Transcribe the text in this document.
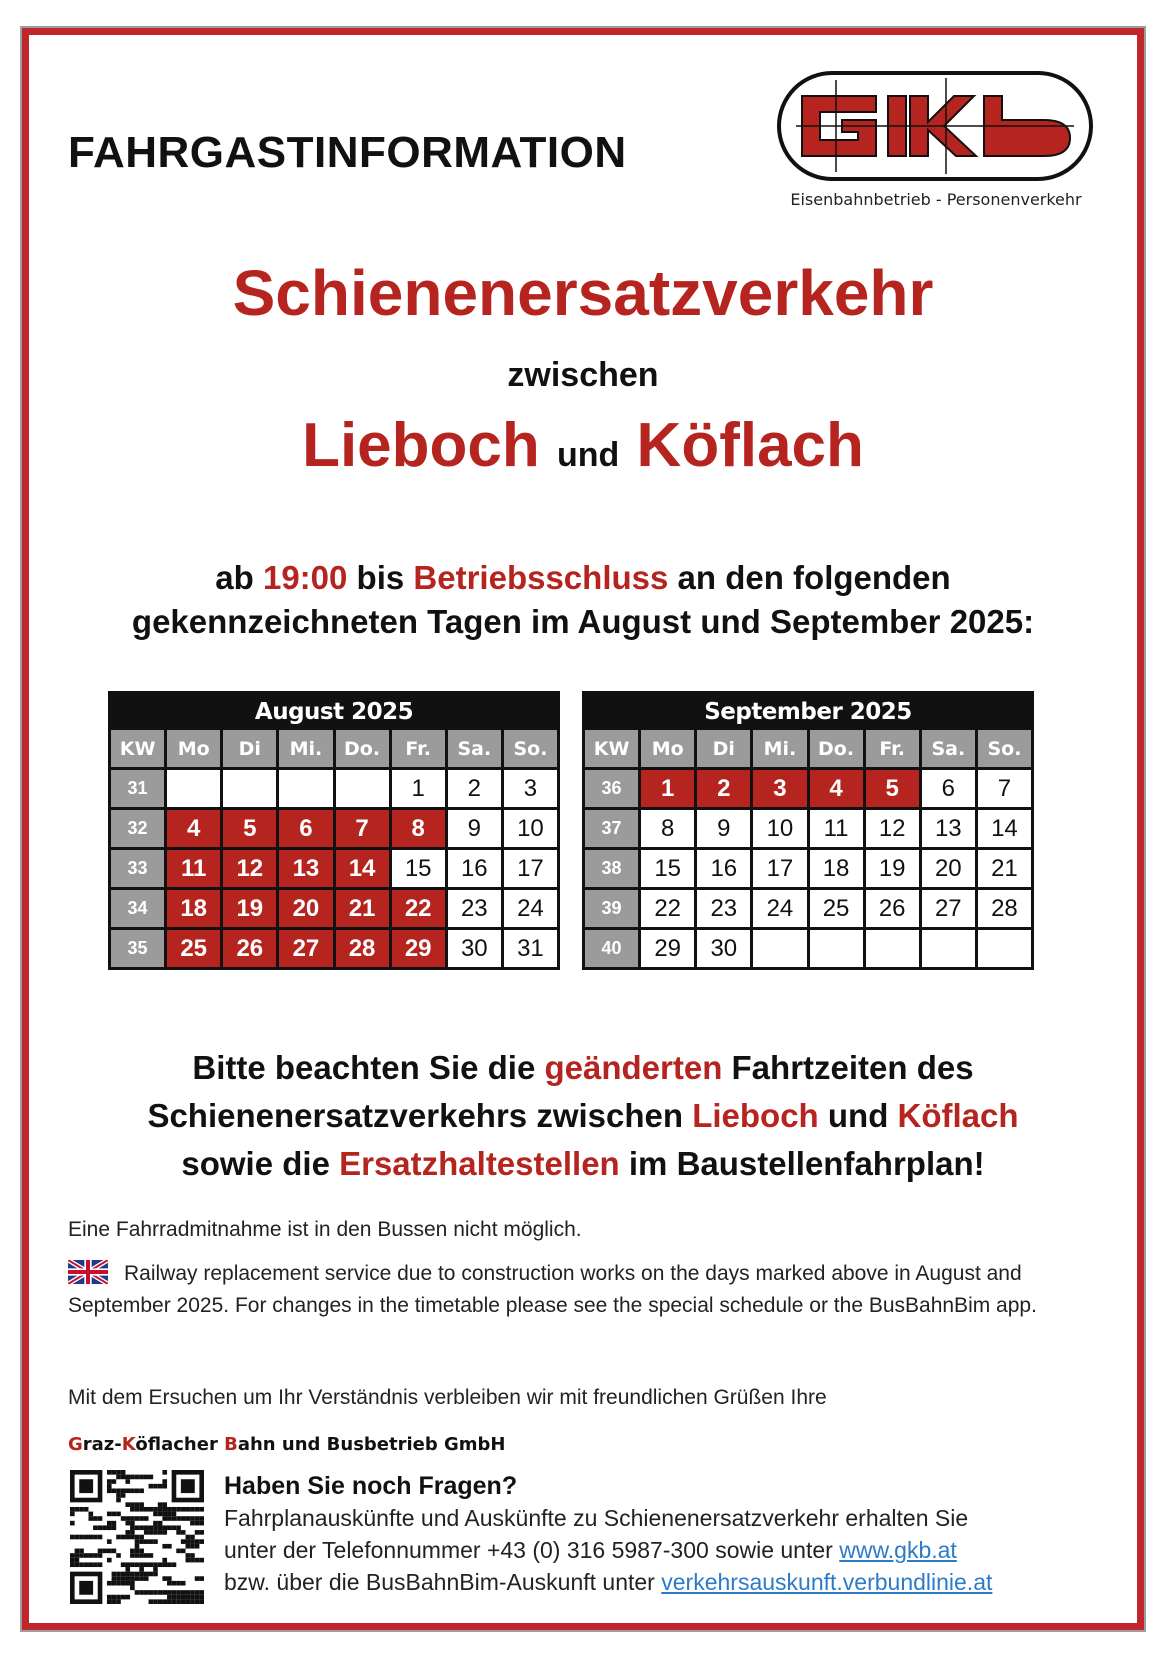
FAHRGASTINFORMATION
GKB
Eisenbahnbetrieb - Personenverkehr
Schienenersatzverkehr
zwischen
Lieboch und Köflach
ab 19:00 bis Betriebsschluss an den folgenden
gekennzeichneten Tagen im August und September 2025:
August 2025
KW	Mo	Di	Mi.	Do.	Fr.	Sa.	So.
31					1	2	3
32	4	5	6	7	8	9	10
33	11	12	13	14	15	16	17
34	18	19	20	21	22	23	24
35	25	26	27	28	29	30	31
September 2025
KW	Mo	Di	Mi.	Do.	Fr.	Sa.	So.
36	1	2	3	4	5	6	7
37	8	9	10	11	12	13	14
38	15	16	17	18	19	20	21
39	22	23	24	25	26	27	28
40	29	30					
Bitte beachten Sie die geänderten Fahrtzeiten des
Schienenersatzverkehrs zwischen Lieboch und Köflach
sowie die Ersatzhaltestellen im Baustellenfahrplan!
Eine Fahrradmitnahme ist in den Bussen nicht möglich.
Railway replacement service due to construction works on the days marked above in August and September 2025. For changes in the timetable please see the special schedule or the BusBahnBim app.
Mit dem Ersuchen um Ihr Verständnis verbleiben wir mit freundlichen Grüßen Ihre
Graz-Köflacher Bahn und Busbetrieb GmbH
Haben Sie noch Fragen?
Fahrplanauskünfte und Auskünfte zu Schienenersatzverkehr erhalten Sie
unter der Telefonnummer +43 (0) 316 5987-300 sowie unter www.gkb.at
bzw. über die BusBahnBim-Auskunft unter verkehrsauskunft.verbundlinie.at
